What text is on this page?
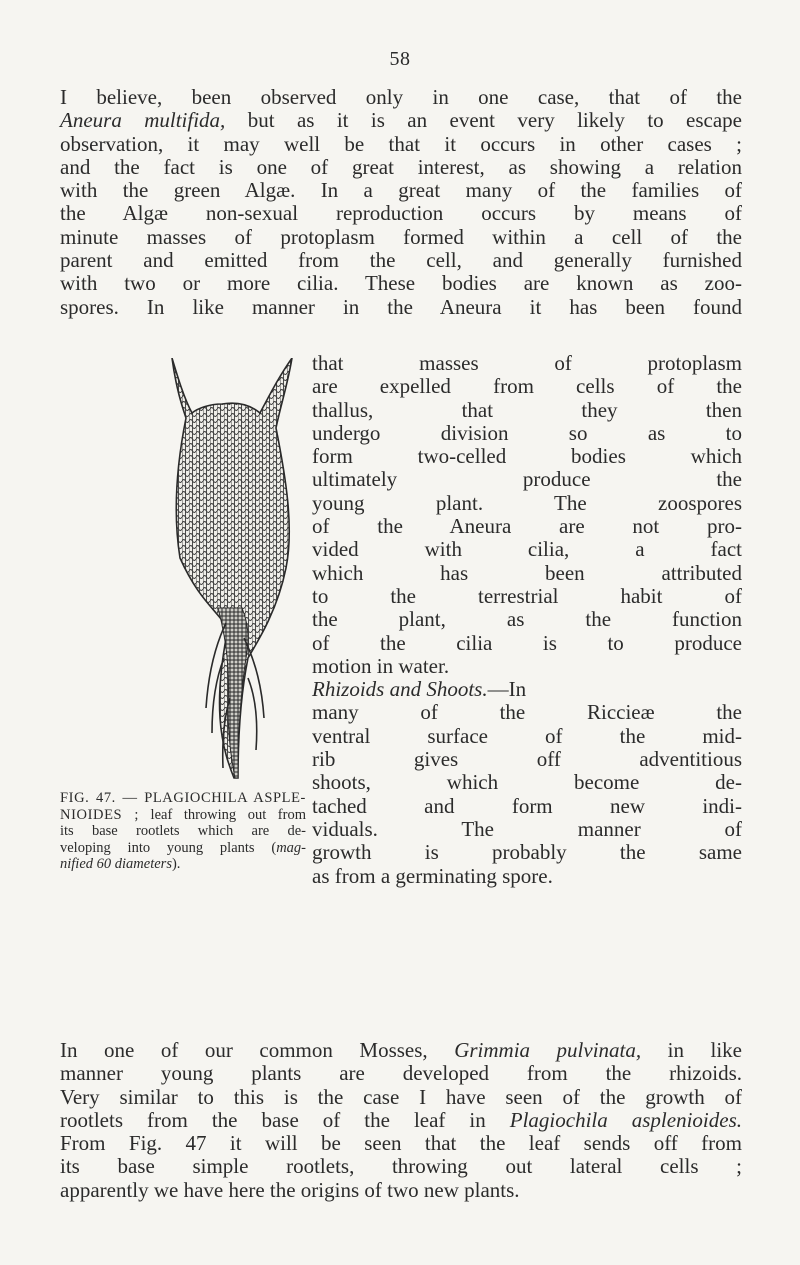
58
I believe, been observed only in one case, that of the
Aneura multifida, but as it is an event very likely to escape
observation, it may well be that it occurs in other cases ;
and the fact is one of great interest, as showing a relation
with the green Algæ. In a great many of the families of
the Algæ non-sexual reproduction occurs by means of
minute masses of protoplasm formed within a cell of the
parent and emitted from the cell, and generally furnished
with two or more cilia. These bodies are known as zoo-
spores. In like manner in the Aneura it has been found
that masses of protoplasm
are expelled from cells of the
thallus, that they then
undergo division so as to
form two-celled bodies which
ultimately produce the
young plant. The zoospores
of the Aneura are not pro-
vided with cilia, a fact
which has been attributed
to the terrestrial habit of
the plant, as the function
of the cilia is to produce
motion in water.
Rhizoids and Shoots.—In
many of the Riccieæ the
ventral surface of the mid-
rib gives off adventitious
shoots, which become de-
tached and form new indi-
viduals. The manner of
growth is probably the same
as from a germinating spore.
FIG. 47. — PLAGIOCHILA ASPLE-
NIOIDES ; leaf throwing out from
its base rootlets which are de-
veloping into young plants (mag-
nified 60 diameters).
In one of our common Mosses, Grimmia pulvinata, in like
manner young plants are developed from the rhizoids.
Very similar to this is the case I have seen of the growth of
rootlets from the base of the leaf in Plagiochila asplenioides.
From Fig. 47 it will be seen that the leaf sends off from
its base simple rootlets, throwing out lateral cells ;
apparently we have here the origins of two new plants.
